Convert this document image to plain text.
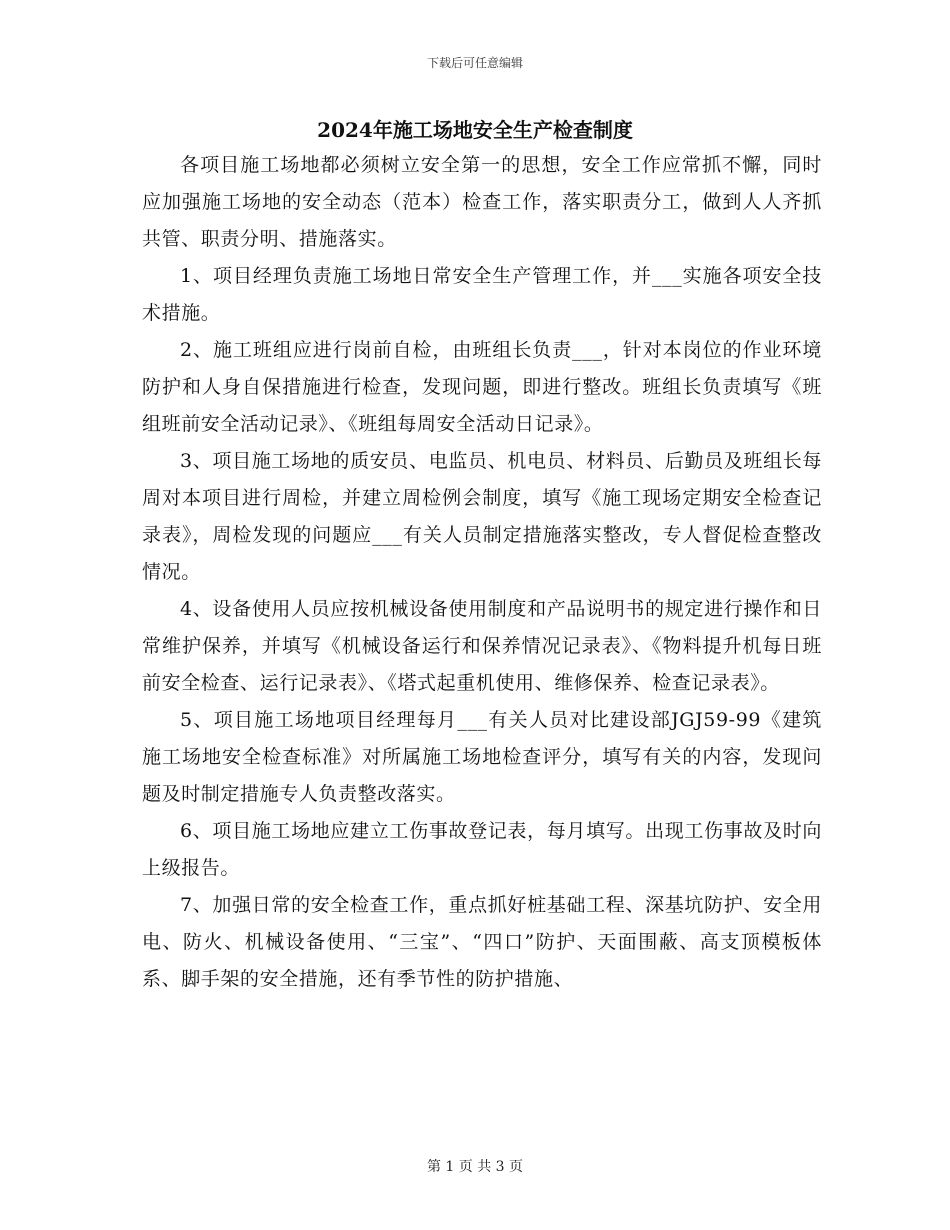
下载后可任意编辑
2024年施工场地安全生产检查制度

各项目施工场地都必须树立安全第一的思想，安全工作应常抓不懈，同时应加强施工场地的安全动态（范本）检查工作，落实职责分工，做到人人齐抓共管、职责分明、措施落实。

1、项目经理负责施工场地日常安全生产管理工作，并___实施各项安全技术措施。

2、施工班组应进行岗前自检，由班组长负责___，针对本岗位的作业环境防护和人身自保措施进行检查，发现问题，即进行整改。班组长负责填写《班组班前安全活动记录》、《班组每周安全活动日记录》。

3、项目施工场地的质安员、电监员、机电员、材料员、后勤员及班组长每周对本项目进行周检，并建立周检例会制度，填写《施工现场定期安全检查记录表》，周检发现的问题应___有关人员制定措施落实整改，专人督促检查整改情况。

4、设备使用人员应按机械设备使用制度和产品说明书的规定进行操作和日常维护保养，并填写《机械设备运行和保养情况记录表》、《物料提升机每日班前安全检查、运行记录表》、《塔式起重机使用、维修保养、检查记录表》。

5、项目施工场地项目经理每月___有关人员对比建设部JGJ59-99《建筑施工场地安全检查标准》对所属施工场地检查评分，填写有关的内容，发现问题及时制定措施专人负责整改落实。

6、项目施工场地应建立工伤事故登记表，每月填写。出现工伤事故及时向上级报告。

7、加强日常的安全检查工作，重点抓好桩基础工程、深基坑防护、安全用电、防火、机械设备使用、“三宝”、“四口”防护、天面围蔽、高支顶模板体系、脚手架的安全措施，还有季节性的防护措施、

第 1 页 共 3 页
